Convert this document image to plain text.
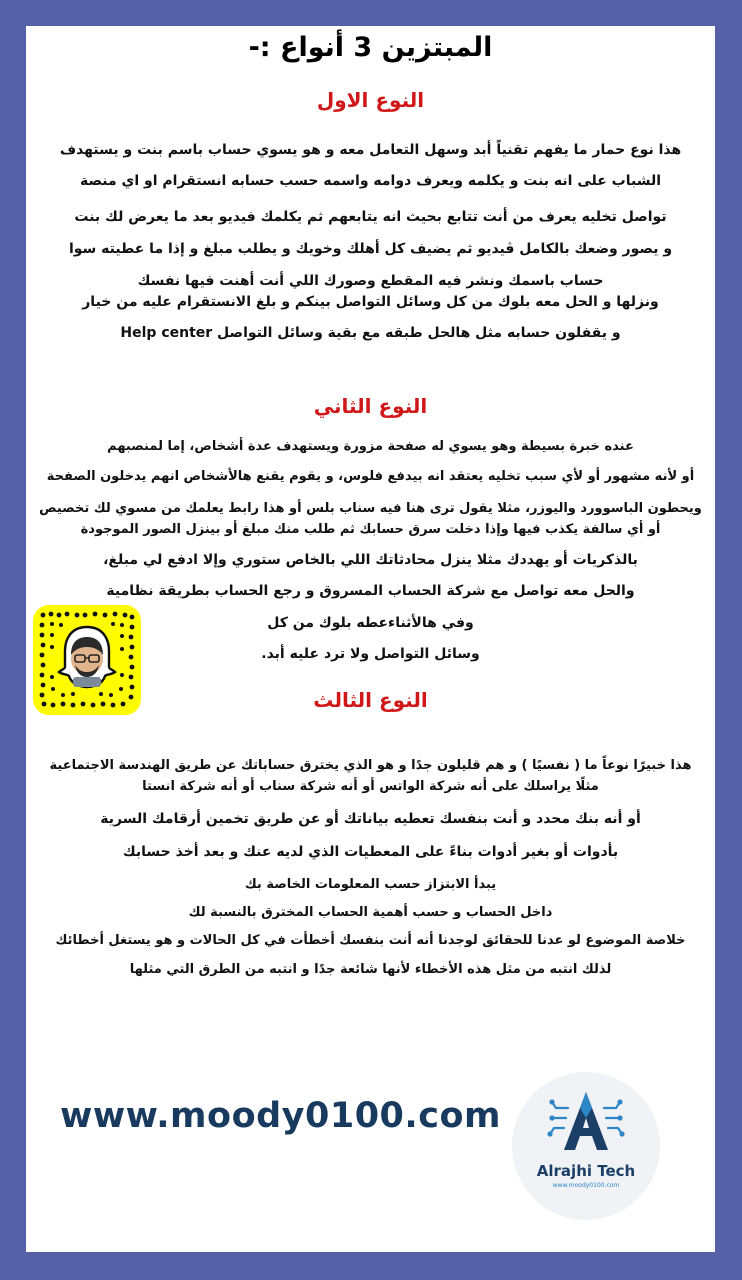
المبتزين 3 أنواع :-
النوع الاول
هذا نوع حمار ما يفهم تقنياً أبد وسهل التعامل معه و هو يسوي حساب باسم بنت و يستهدف
الشباب على انه بنت و يكلمه ويعرف دوامه واسمه حسب حسابه انستقرام او اي منصة
تواصل تخليه يعرف من أنت تتابع بحيث انه يتابعهم ثم يكلمك فيديو بعد ما يعرض لك بنت
و يصور وضعك بالكامل ڤيديو ثم يضيف كل أهلك وخويك و يطلب مبلغ و إذا ما عطيته سوا
حساب باسمك ونشر فيه المقطع وصورك اللي أنت أهنت فيها نفسك
ونزلها و الحل معه بلوك من كل وسائل التواصل بينكم و بلغ الانستقرام عليه من خيار
و يقفلون حسابه مثل هالحل طبقه مع بقية وسائل التواصل Help center
النوع الثاني
عنده خبرة بسيطة وهو يسوي له صفحة مزورة ويستهدف عدة أشخاص، إما لمنصبهم
أو لأنه مشهور أو لأي سبب تخليه يعتقد انه بيدفع فلوس، و يقوم يقنع هالأشخاص انهم يدخلون الصفحة
ويحطون الباسوورد واليوزر، مثلا يقول ترى هنا فيه سناب بلس أو هذا رابط يعلمك من مسوي لك تخصيص
أو أي سالفة يكذب فيها وإذا دخلت سرق حسابك ثم طلب منك مبلغ أو بينزل الصور الموجودة
بالذكريات أو يهددك مثلا ينزل محادثاتك اللي بالخاص ستوري وإلا ادفع لي مبلغ،
والحل معه تواصل مع شركة الحساب المسروق و رجع الحساب بطريقة نظامية
وفي هالأثناءعطه بلوك من كل
وسائل التواصل ولا ترد عليه أبد.
النوع الثالث
هذا خبيرًا نوعاً ما ( نفسيًا ) و هم قليلون جدًا و هو الذي يخترق حساباتك عن طريق الهندسة الاجتماعية
مثلًا يراسلك على أنه شركة الواتس أو أنه شركة سناب أو أنه شركة انستا
أو أنه بنك محدد و أنت بنفسك تعطيه بياناتك أو عن طريق تخمين أرقامك السرية
بأدوات أو بغير أدوات بناءً على المعطيات الذي لديه عنك و بعد أخذ حسابك
يبدأ الابتزاز حسب المعلومات الخاصة بك
داخل الحساب و حسب أهمية الحساب المخترق بالنسبة لك
خلاصة الموضوع لو عدنا للحقائق لوجدنا أنه أنت بنفسك أخطأت في كل الحالات و هو يستغل أخطائك
لذلك انتبه من مثل هذه الأخطاء لأنها شائعة جدًا و انتبه من الطرق التي مثلها
www.moody0100.com
Alrajhi Tech
www.moody0100.com
